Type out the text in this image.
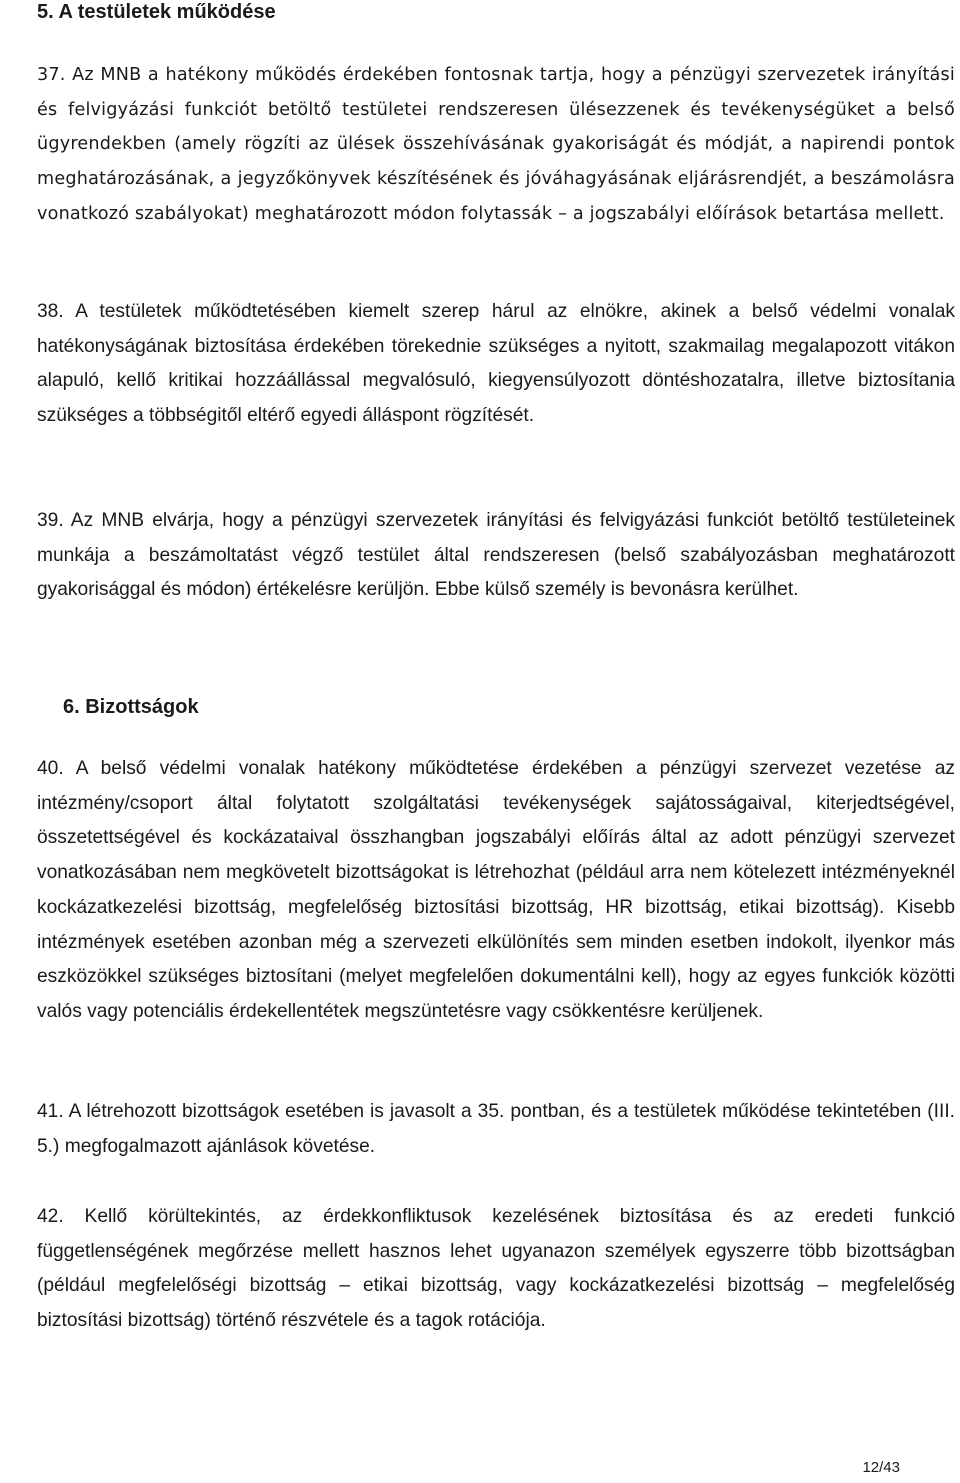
5. A testületek működése

37. Az MNB a hatékony működés érdekében fontosnak tartja, hogy a pénzügyi szervezetek irányítási és felvigyázási funkciót betöltő testületei rendszeresen ülésezzenek és tevékenységüket a belső ügyrendekben (amely rögzíti az ülések összehívásának gyakoriságát és módját, a napirendi pontok meghatározásának, a jegyzőkönyvek készítésének és jóváhagyásának eljárásrendjét, a beszámolásra vonatkozó szabályokat) meghatározott módon folytassák – a jogszabályi előírások betartása mellett.

38. A testületek működtetésében kiemelt szerep hárul az elnökre, akinek a belső védelmi vonalak hatékonyságának biztosítása érdekében törekednie szükséges a nyitott, szakmailag megalapozott vitákon alapuló, kellő kritikai hozzáállással megvalósuló, kiegyensúlyozott döntéshozatalra, illetve biztosítania szükséges a többségitől eltérő egyedi álláspont rögzítését.

39. Az MNB elvárja, hogy a pénzügyi szervezetek irányítási és felvigyázási funkciót betöltő testületeinek munkája a beszámoltatást végző testület által rendszeresen (belső szabályozásban meghatározott gyakorisággal és módon) értékelésre kerüljön. Ebbe külső személy is bevonásra kerülhet.

6. Bizottságok

40. A belső védelmi vonalak hatékony működtetése érdekében a pénzügyi szervezet vezetése az intézmény/csoport által folytatott szolgáltatási tevékenységek sajátosságaival, kiterjedtségével, összetettségével és kockázataival összhangban jogszabályi előírás által az adott pénzügyi szervezet vonatkozásában nem megkövetelt bizottságokat is létrehozhat (például arra nem kötelezett intézményeknél kockázatkezelési bizottság, megfelelőség biztosítási bizottság, HR bizottság, etikai bizottság). Kisebb intézmények esetében azonban még a szervezeti elkülönítés sem minden esetben indokolt, ilyenkor más eszközökkel szükséges biztosítani (melyet megfelelően dokumentálni kell), hogy az egyes funkciók közötti valós vagy potenciális érdekellentétek megszüntetésre vagy csökkentésre kerüljenek.

41. A létrehozott bizottságok esetében is javasolt a 35. pontban, és a testületek működése tekintetében (III. 5.) megfogalmazott ajánlások követése.

42. Kellő körültekintés, az érdekkonfliktusok kezelésének biztosítása és az eredeti funkció függetlenségének megőrzése mellett hasznos lehet ugyanazon személyek egyszerre több bizottságban (például megfelelőségi bizottság – etikai bizottság, vagy kockázatkezelési bizottság – megfelelőség biztosítási bizottság) történő részvétele és a tagok rotációja.

12/43
